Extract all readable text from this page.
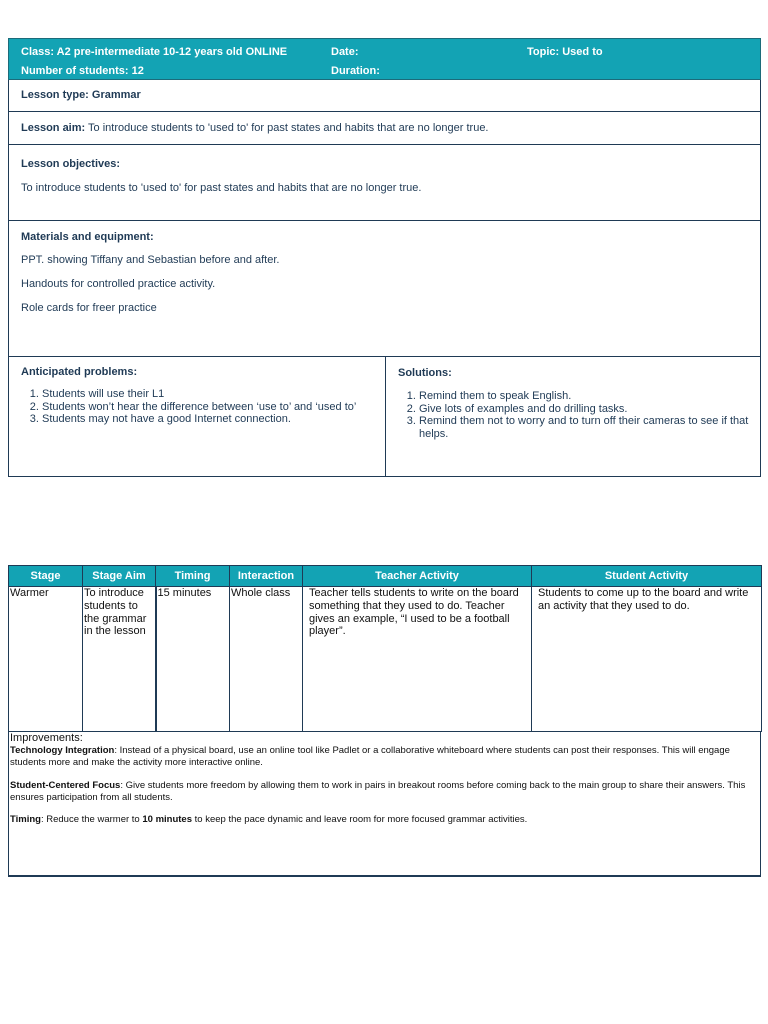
Class: A2 pre-intermediate 10-12 years old ONLINE	Date:	Topic: Used to
Number of students: 12	Duration:
Lesson type: Grammar
Lesson aim: To introduce students to 'used to' for past states and habits that are no longer true.
Lesson objectives:
To introduce students to 'used to' for past states and habits that are no longer true.
Materials and equipment:
PPT. showing Tiffany and Sebastian before and after.
Handouts for controlled practice activity.
Role cards for freer practice
Anticipated problems:
1. Students will use their L1
2. Students won’t hear the difference between ‘use to’ and ‘used to’
3. Students may not have a good Internet connection.
Solutions:
1. Remind them to speak English.
2. Give lots of examples and do drilling tasks.
3. Remind them not to worry and to turn off their cameras to see if that helps.
Stage	Stage Aim	Timing	Interaction	Teacher Activity	Student Activity

Warmer	To introduce students to the grammar in the lesson	15 minutes	Whole class	Teacher tells students to write on the board something that they used to do. Teacher gives an example, “I used to be a football player”.	Students to come up to the board and write an activity that they used to do.
Improvements:

Technology Integration: Instead of a physical board, use an online tool like Padlet or a collaborative whiteboard where students can post their responses. This will engage students more and make the activity more interactive online.

Student-Centered Focus: Give students more freedom by allowing them to work in pairs in breakout rooms before coming back to the main group to share their answers. This ensures participation from all students.

Timing: Reduce the warmer to 10 minutes to keep the pace dynamic and leave room for more focused grammar activities.
